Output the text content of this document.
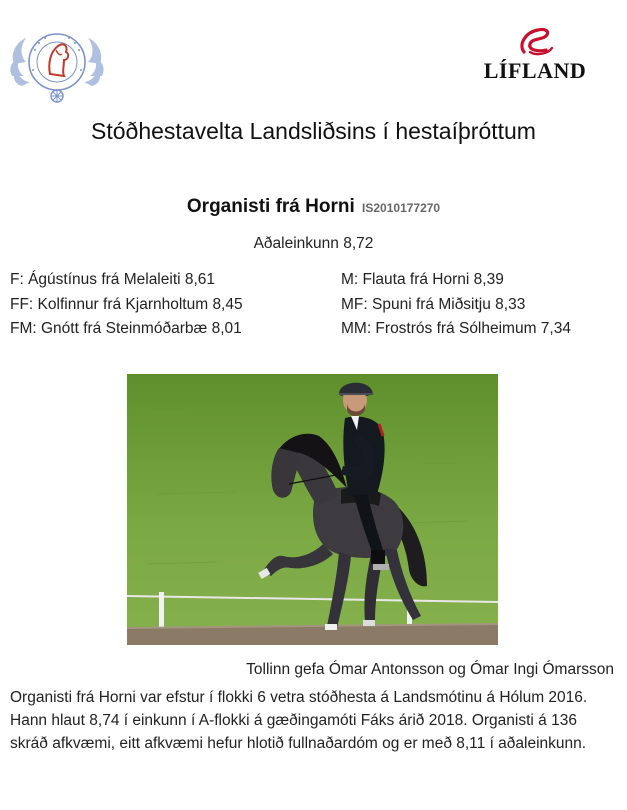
LÍFLAND
Stóðhestavelta Landsliðsins í hestaíþróttum
Organisti frá Horni IS2010177270
Aðaleinkunn 8,72
F: Ágústínus frá Melaleiti 8,61
FF: Kolfinnur frá Kjarnholtum 8,45
FM: Gnótt frá Steinmóðarbæ 8,01
M: Flauta frá Horni 8,39
MF: Spuni frá Miðsitju 8,33
MM: Frostrós frá Sólheimum 7,34
Tollinn gefa Ómar Antonsson og Ómar Ingi Ómarsson
Organisti frá Horni var efstur í flokki 6 vetra stóðhesta á Landsmótinu á Hólum 2016. Hann hlaut 8,74 í einkunn í A-flokki á gæðingamóti Fáks árið 2018. Organisti á 136 skráð afkvæmi, eitt afkvæmi hefur hlotið fullnaðardóm og er með 8,11 í aðaleinkunn.
